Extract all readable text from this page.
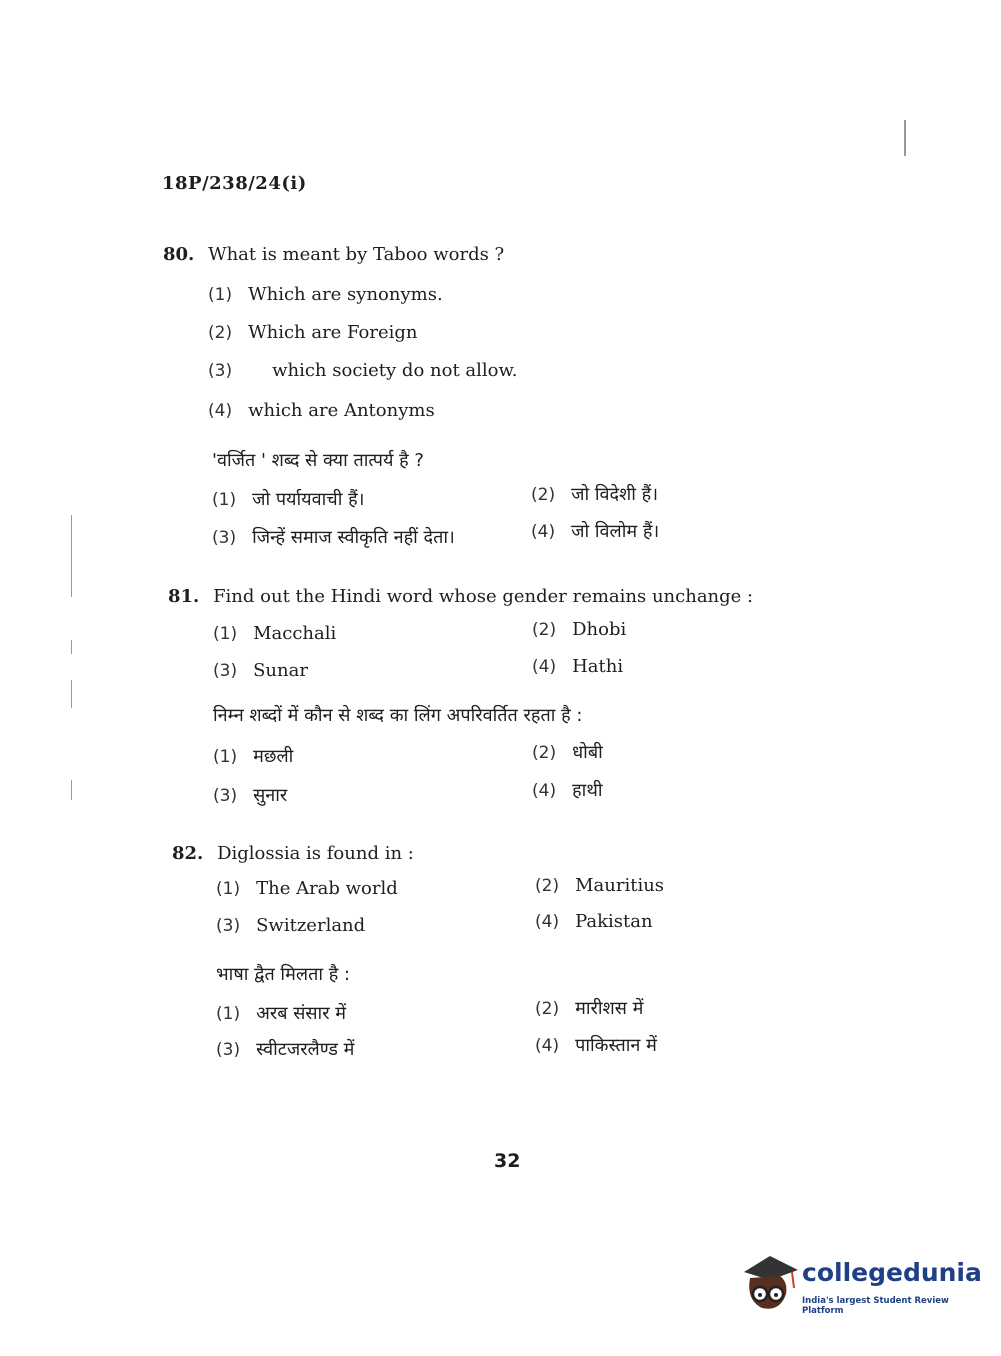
18P/238/24(i)
80. What is meant by Taboo words ?
(1) Which are synonyms.
(2) Which are Foreign
(3) which society do not allow.
(4) which are Antonyms
'वर्जित ' शब्द से क्या तात्पर्य है ?
(1) जो पर्यायवाची हैं।	(2) जो विदेशी हैं।
(3) जिन्हें समाज स्वीकृति नहीं देता।	(4) जो विलोम हैं।
81. Find out the Hindi word whose gender remains unchange :
(1) Macchali	(2) Dhobi
(3) Sunar	(4) Hathi
निम्न शब्दों में कौन से शब्द का लिंग अपरिवर्तित रहता है :
(1) मछली	(2) धोबी
(3) सुनार	(4) हाथी
82. Diglossia is found in :
(1) The Arab world	(2) Mauritius
(3) Switzerland	(4) Pakistan
भाषा द्वैत मिलता है :
(1) अरब संसार में	(2) मारीशस में
(3) स्वीटजरलैण्ड में	(4) पाकिस्तान में
32
collegedunia
India's largest Student Review Platform
